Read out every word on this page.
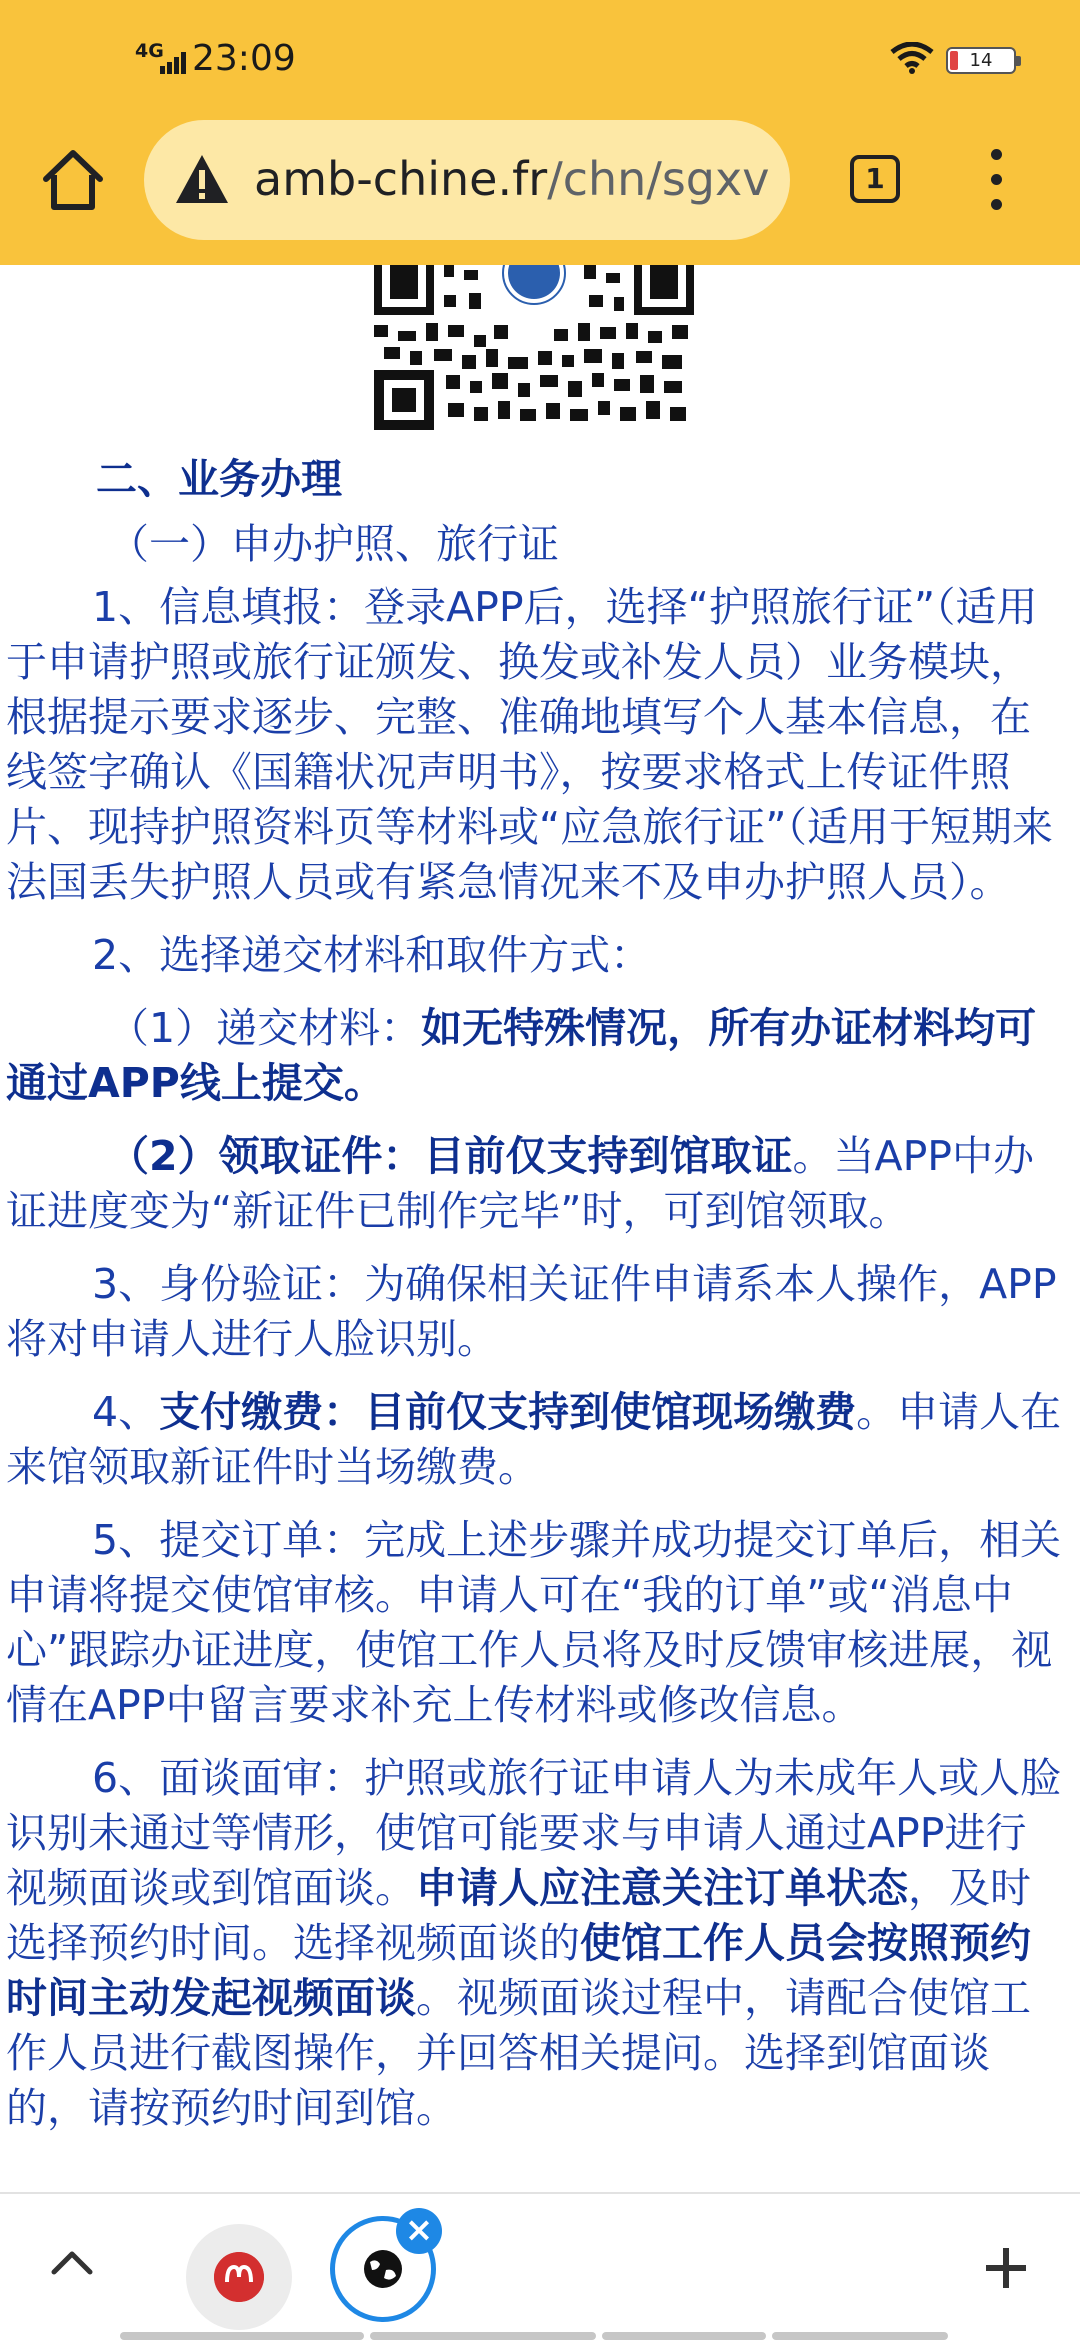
4G 23:09	14
amb-chine.fr/chn/sgxv	1

二、业务办理

（一）申办护照、旅行证

1、信息填报：登录APP后，选择“护照旅行证”（适用于申请护照或旅行证颁发、换发或补发人员）业务模块，根据提示要求逐步、完整、准确地填写个人基本信息，在线签字确认《国籍状况声明书》，按要求格式上传证件照片、现持护照资料页等材料或“应急旅行证”（适用于短期来法国丢失护照人员或有紧急情况来不及申办护照人员）。

2、选择递交材料和取件方式：

（1）递交材料：如无特殊情况，所有办证材料均可通过APP线上提交。

（2）领取证件：目前仅支持到馆取证。当APP中办证进度变为“新证件已制作完毕”时，可到馆领取。

3、身份验证：为确保相关证件申请系本人操作，APP将对申请人进行人脸识别。

4、支付缴费：目前仅支持到使馆现场缴费。申请人在来馆领取新证件时当场缴费。

5、提交订单：完成上述步骤并成功提交订单后，相关申请将提交使馆审核。申请人可在“我的订单”或“消息中心”跟踪办证进度，使馆工作人员将及时反馈审核进展，视情在APP中留言要求补充上传材料或修改信息。

6、面谈面审：护照或旅行证申请人为未成年人或人脸识别未通过等情形，使馆可能要求与申请人通过APP进行视频面谈或到馆面谈。申请人应注意关注订单状态，及时选择预约时间。选择视频面谈的使馆工作人员会按照预约时间主动发起视频面谈。视频面谈过程中，请配合使馆工作人员进行截图操作，并回答相关提问。选择到馆面谈的，请按预约时间到馆。

×
